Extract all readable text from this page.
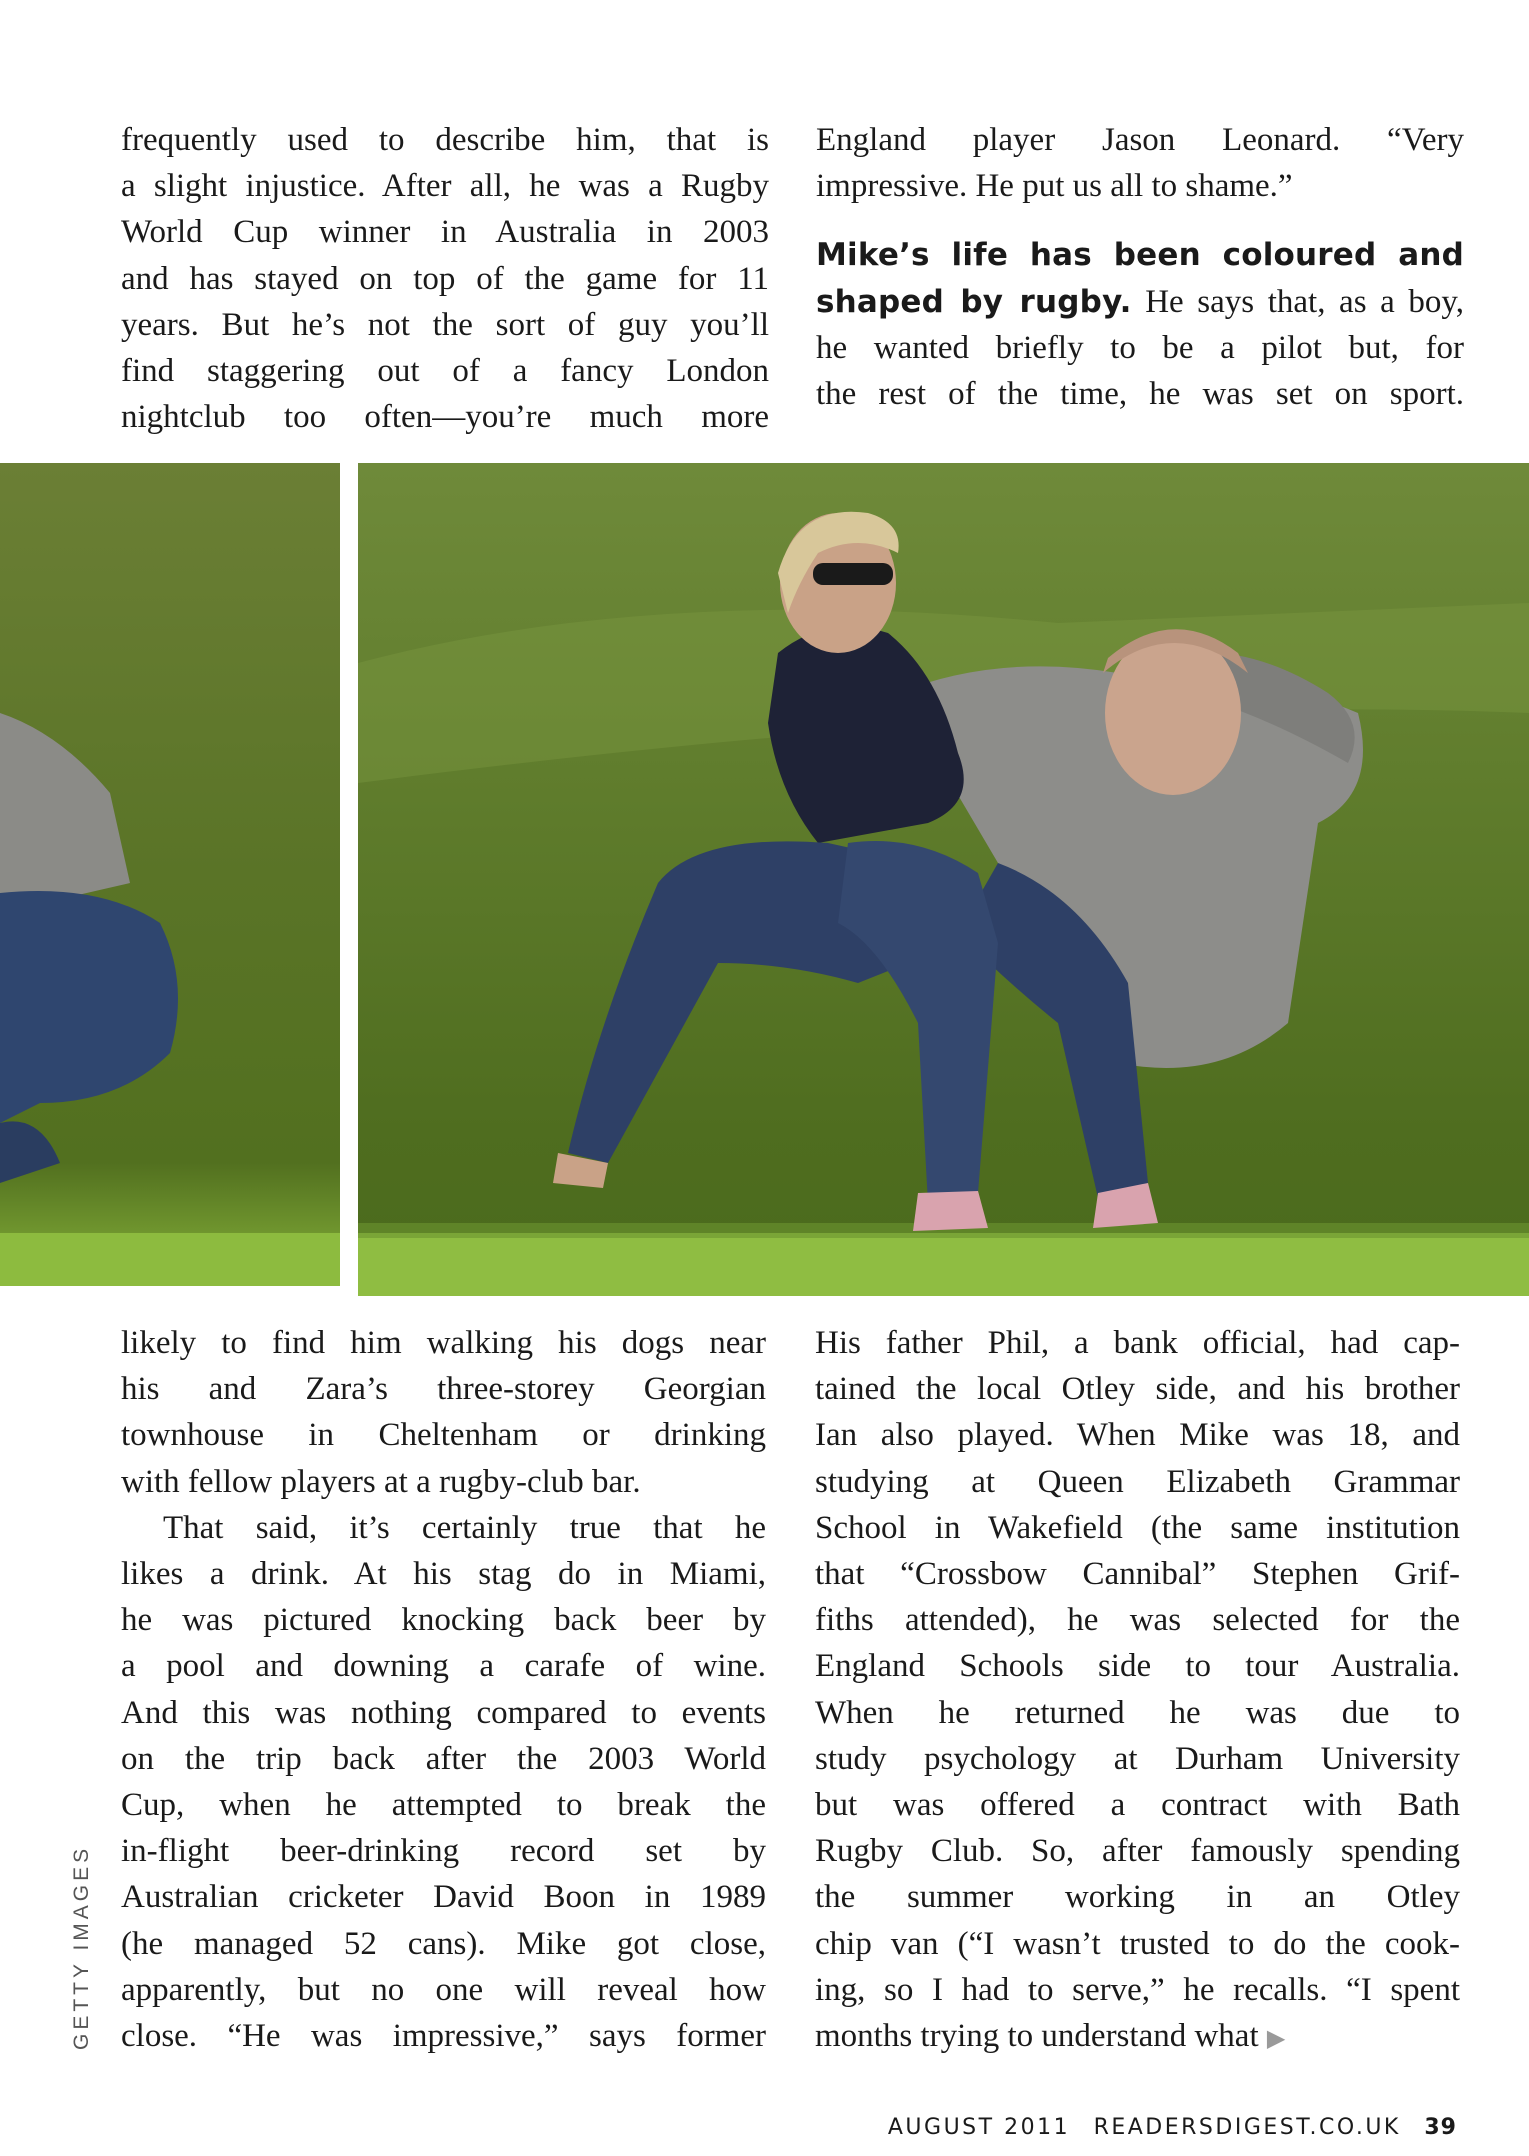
frequently used to describe him, that is

a slight injustice. After all, he was a Rugby

World Cup winner in Australia in 2003

and has stayed on top of the game for 11

years. But he’s not the sort of guy you’ll

find staggering out of a fancy London

nightclub too often—you’re much more

England player Jason Leonard. “Very

impressive. He put us all to shame.”

Mike’s life has been coloured and

shaped by rugby. He says that, as a boy,

he wanted briefly to be a pilot but, for

the rest of the time, he was set on sport.

likely to find him walking his dogs near

his and Zara’s three-storey Georgian

townhouse in Cheltenham or drinking

with fellow players at a rugby-club bar.

That said, it’s certainly true that he

likes a drink. At his stag do in Miami,

he was pictured knocking back beer by

a pool and downing a carafe of wine.

And this was nothing compared to events

on the trip back after the 2003 World

Cup, when he attempted to break the

in-flight beer-drinking record set by

Australian cricketer David Boon in 1989

(he managed 52 cans). Mike got close,

apparently, but no one will reveal how

close. “He was impressive,” says former

His father Phil, a bank official, had cap-

tained the local Otley side, and his brother

Ian also played. When Mike was 18, and

studying at Queen Elizabeth Grammar

School in Wakefield (the same institution

that “Crossbow Cannibal” Stephen Grif-

fiths attended), he was selected for the

England Schools side to tour Australia.

When he returned he was due to

study psychology at Durham University

but was offered a contract with Bath

Rugby Club. So, after famously spending

the summer working in an Otley

chip van (“I wasn’t trusted to do the cook-

ing, so I had to serve,” he recalls. “I spent

months trying to understand what ▶

GETTY IMAGES
AUGUST 2011 READERSDIGEST.CO.UK 39
